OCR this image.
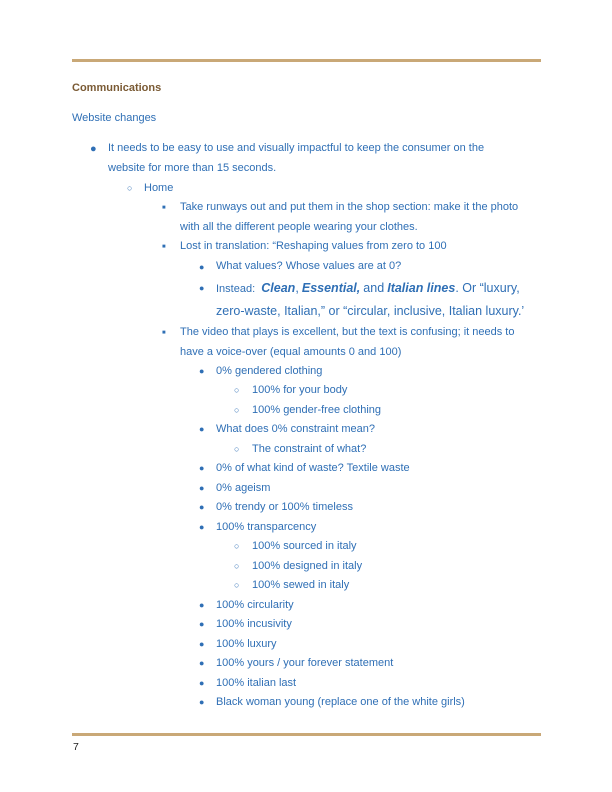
Communications
Website changes
● It needs to be easy to use and visually impactful to keep the consumer on the
website for more than 15 seconds.
○ Home
■ Take runways out and put them in the shop section: make it the photo
with all the different people wearing your clothes.
■ Lost in translation: “Reshaping values from zero to 100
● What values? Whose values are at 0?
● Instead: Clean, Essential, and Italian lines. Or “luxury,
zero-waste, Italian,” or “circular, inclusive, Italian luxury.’
■ The video that plays is excellent, but the text is confusing; it needs to
have a voice-over (equal amounts 0 and 100)
● 0% gendered clothing
○ 100% for your body
○ 100% gender-free clothing
● What does 0% constraint mean?
○ The constraint of what?
● 0% of what kind of waste? Textile waste
● 0% ageism
● 0% trendy or 100% timeless
● 100% transparcency
○ 100% sourced in italy
○ 100% designed in italy
○ 100% sewed in italy
● 100% circularity
● 100% incusivity
● 100% luxury
● 100% yours / your forever statement
● 100% italian last
● Black woman young (replace one of the white girls)
7
